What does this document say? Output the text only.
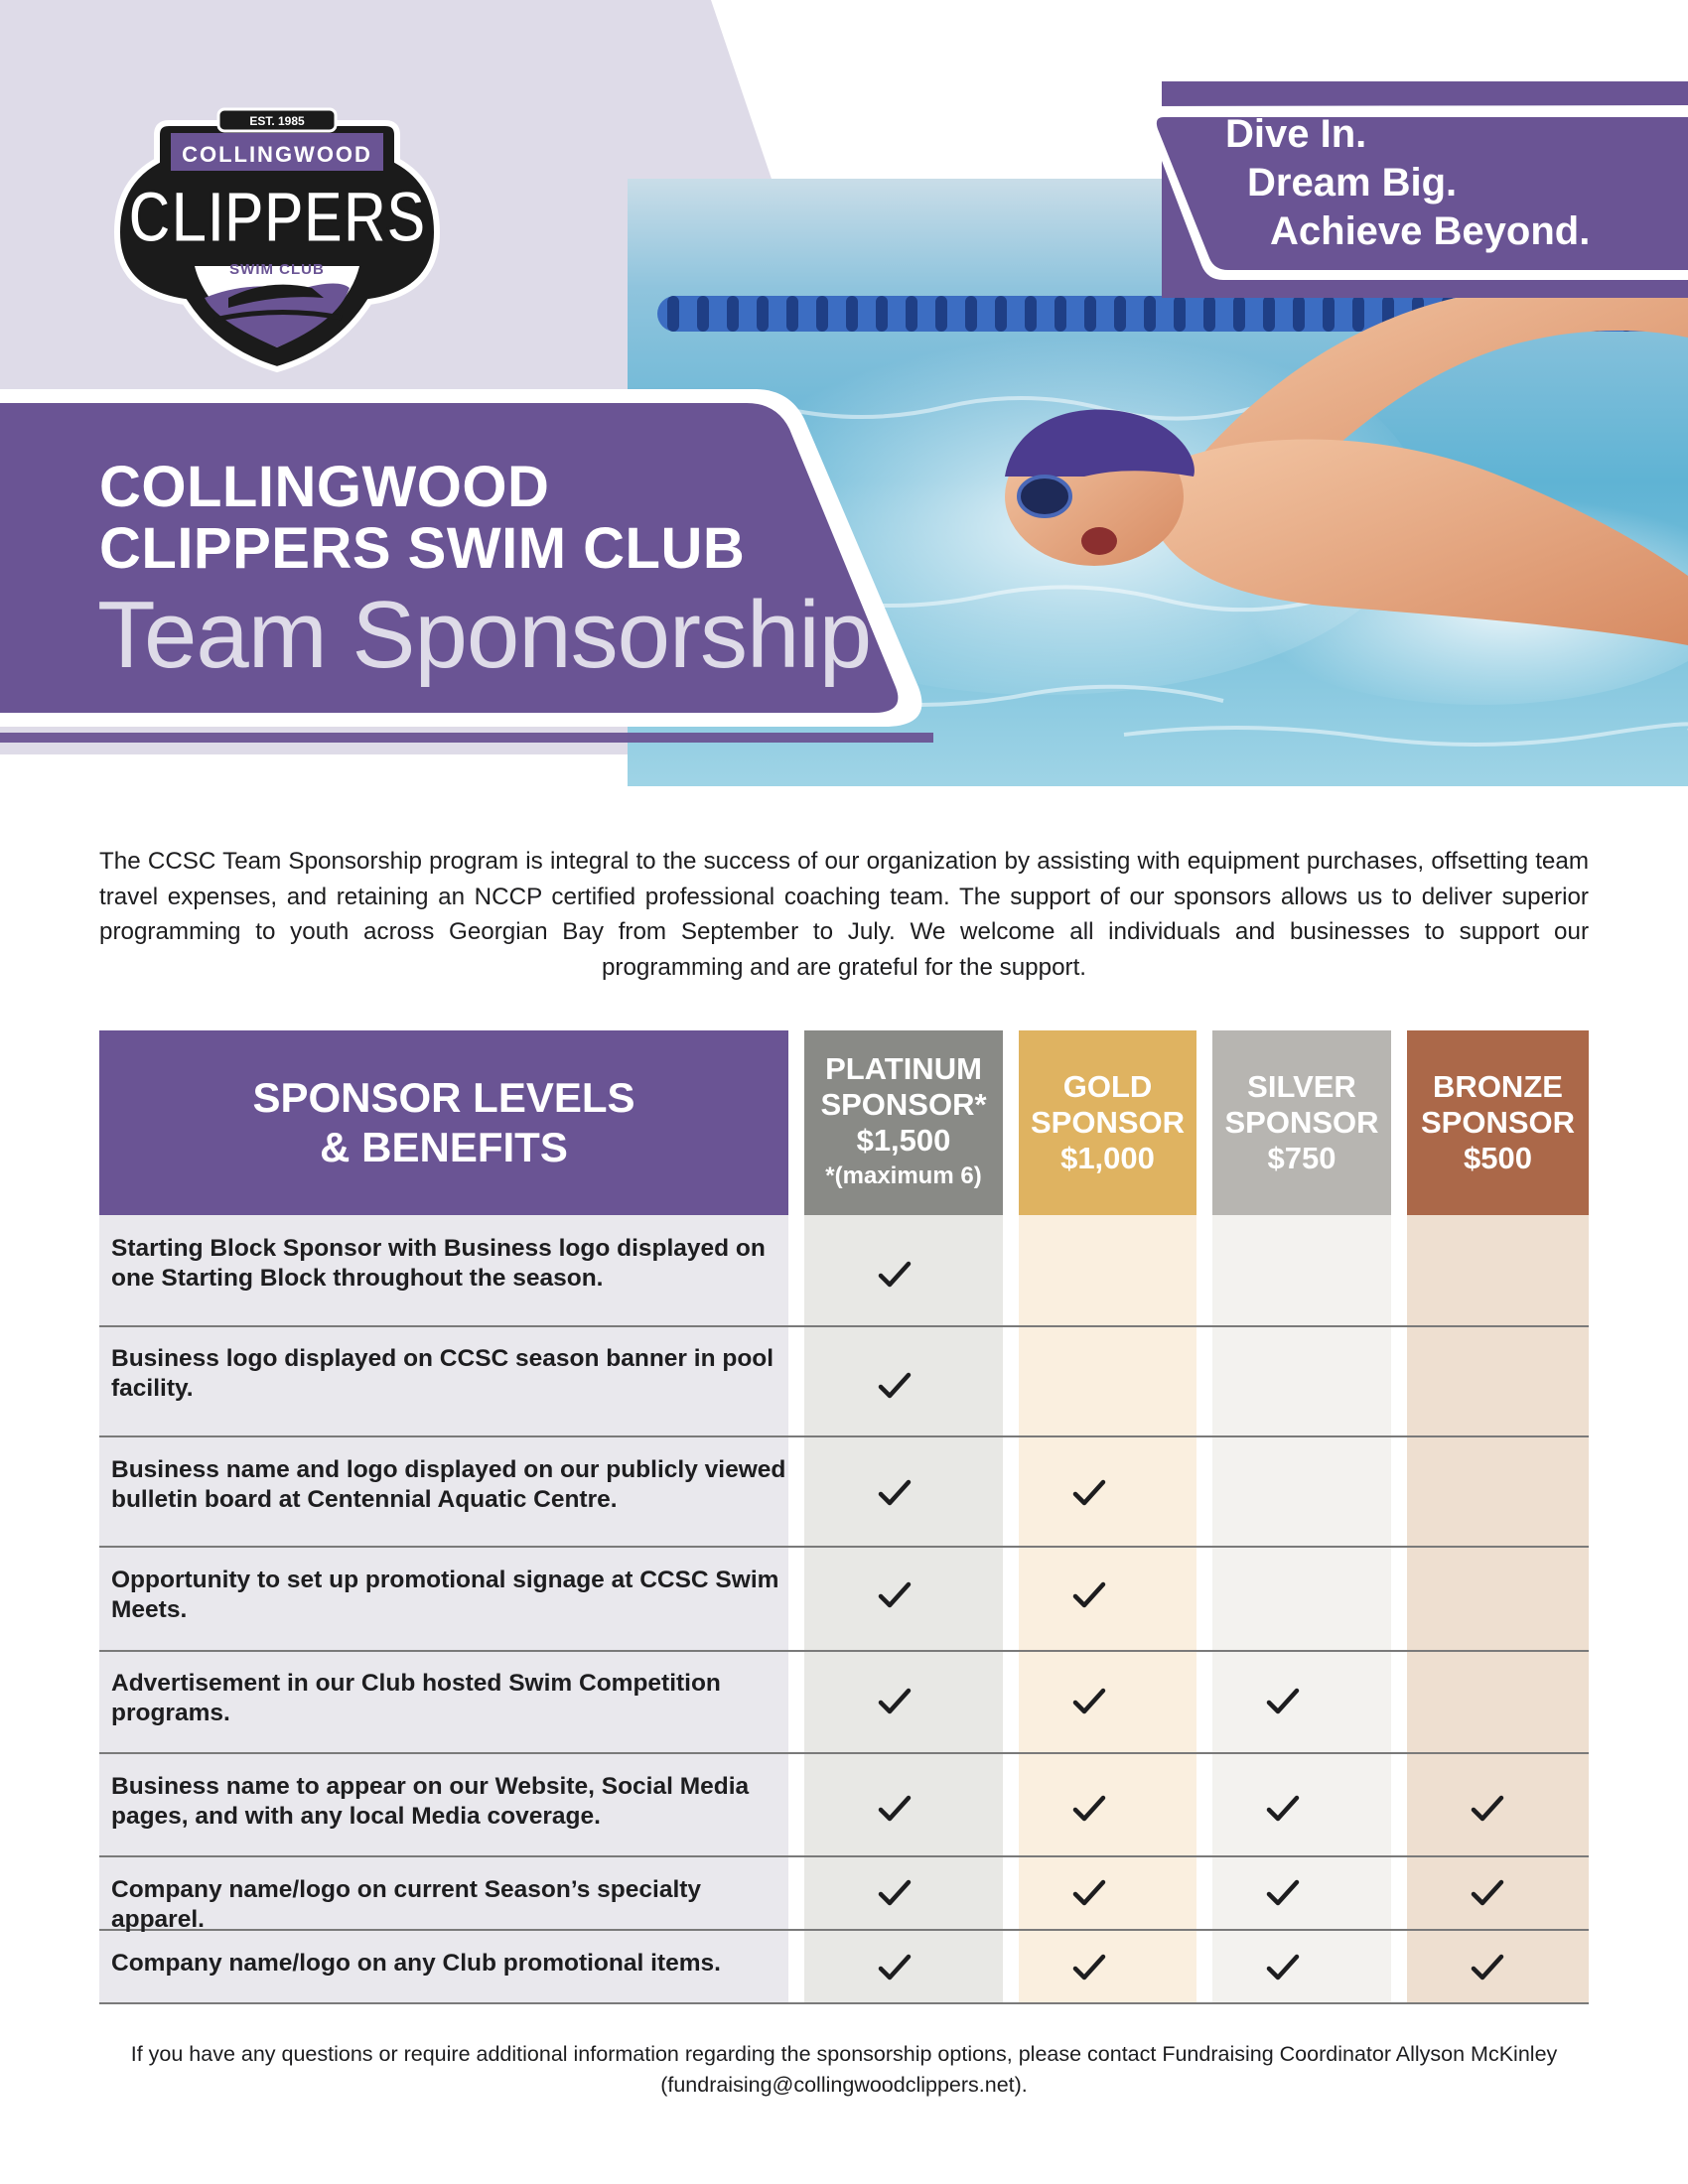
Dive In.
Dream Big.
Achieve Beyond.
EST. 1985
COLLINGWOOD
CLIPPERS
SWIM CLUB
COLLINGWOOD
CLIPPERS SWIM CLUB
Team Sponsorship

The CCSC Team Sponsorship program is integral to the success of our organization by assisting with equipment purchases, offsetting team travel expenses, and retaining an NCCP certified professional coaching team. The support of our sponsors allows us to deliver superior programming to youth across Georgian Bay from September to July. We welcome all individuals and businesses to support our programming and are grateful for the support.

SPONSOR LEVELS
& BENEFITS
PLATINUM
SPONSOR*
$1,500
*(maximum 6)
GOLD
SPONSOR
$1,000
SILVER
SPONSOR
$750
BRONZE
SPONSOR
$500
Starting Block Sponsor with Business logo displayed on one Starting Block throughout the season.
Business logo displayed on CCSC season banner in pool facility.
Business name and logo displayed on our publicly viewed bulletin board at Centennial Aquatic Centre.
Opportunity to set up promotional signage at CCSC Swim Meets.
Advertisement in our Club hosted Swim Competition programs.
Business name to appear on our Website, Social Media pages, and with any local Media coverage.
Company name/logo on current Season’s specialty apparel.
Company name/logo on any Club promotional items.
If you have any questions or require additional information regarding the sponsorship options, please contact Fundraising Coordinator Allyson McKinley
(fundraising@collingwoodclippers.net).
